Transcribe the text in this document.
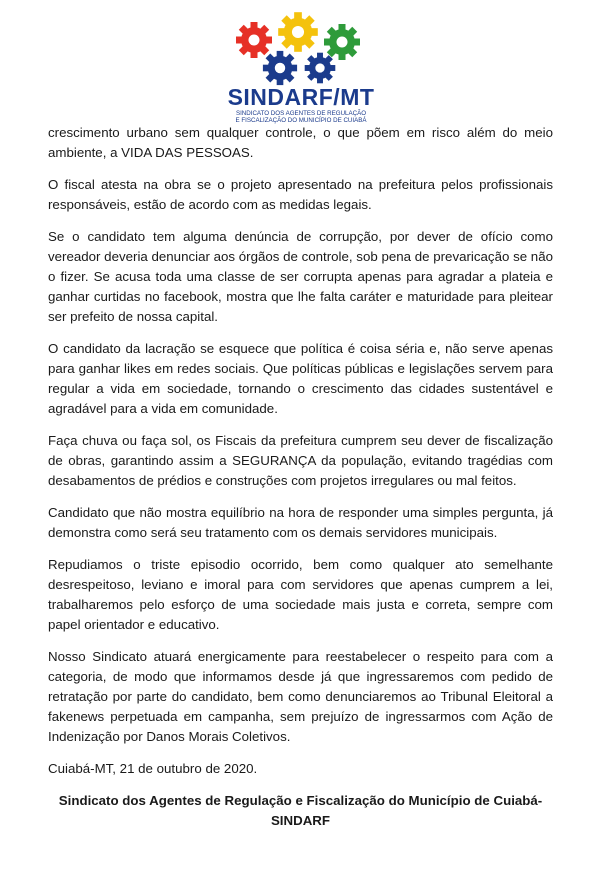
SINDARF/MT
SINDICATO DOS AGENTES DE REGULAÇÃO
E FISCALIZAÇÃO DO MUNICÍPIO DE CUIABÁ

crescimento urbano sem qualquer controle, o que põem em risco além do meio ambiente, a VIDA DAS PESSOAS.

O fiscal atesta na obra se o projeto apresentado na prefeitura pelos profissionais responsáveis, estão de acordo com as medidas legais.

Se o candidato tem alguma denúncia de corrupção, por dever de ofício como vereador deveria denunciar aos órgãos de controle, sob pena de prevaricação se não o fizer. Se acusa toda uma classe de ser corrupta apenas para agradar a plateia e ganhar curtidas no facebook, mostra que lhe falta caráter e maturidade para pleitear ser prefeito de nossa capital.

O candidato da lacração se esquece que política é coisa séria e, não serve apenas para ganhar likes em redes sociais. Que políticas públicas e legislações servem para regular a vida em sociedade, tornando o crescimento das cidades sustentável e agradável para a vida em comunidade.

Faça chuva ou faça sol, os Fiscais da prefeitura cumprem seu dever de fiscalização de obras, garantindo assim a SEGURANÇA da população, evitando tragédias com desabamentos de prédios e construções com projetos irregulares ou mal feitos.

Candidato que não mostra equilíbrio na hora de responder uma simples pergunta, já demonstra como será seu tratamento com os demais servidores municipais.

Repudiamos o triste episodio ocorrido, bem como qualquer ato semelhante desrespeitoso, leviano e imoral para com servidores que apenas cumprem a lei, trabalharemos pelo esforço de uma sociedade mais justa e correta, sempre com papel orientador e educativo.

Nosso Sindicato atuará energicamente para reestabelecer o respeito para com a categoria, de modo que informamos desde já que ingressaremos com pedido de retratação por parte do candidato, bem como denunciaremos ao Tribunal Eleitoral a fakenews perpetuada em campanha, sem prejuízo de ingressarmos com Ação de Indenização por Danos Morais Coletivos.

Cuiabá-MT, 21 de outubro de 2020.

Sindicato dos Agentes de Regulação e Fiscalização do Município de Cuiabá-
SINDARF
